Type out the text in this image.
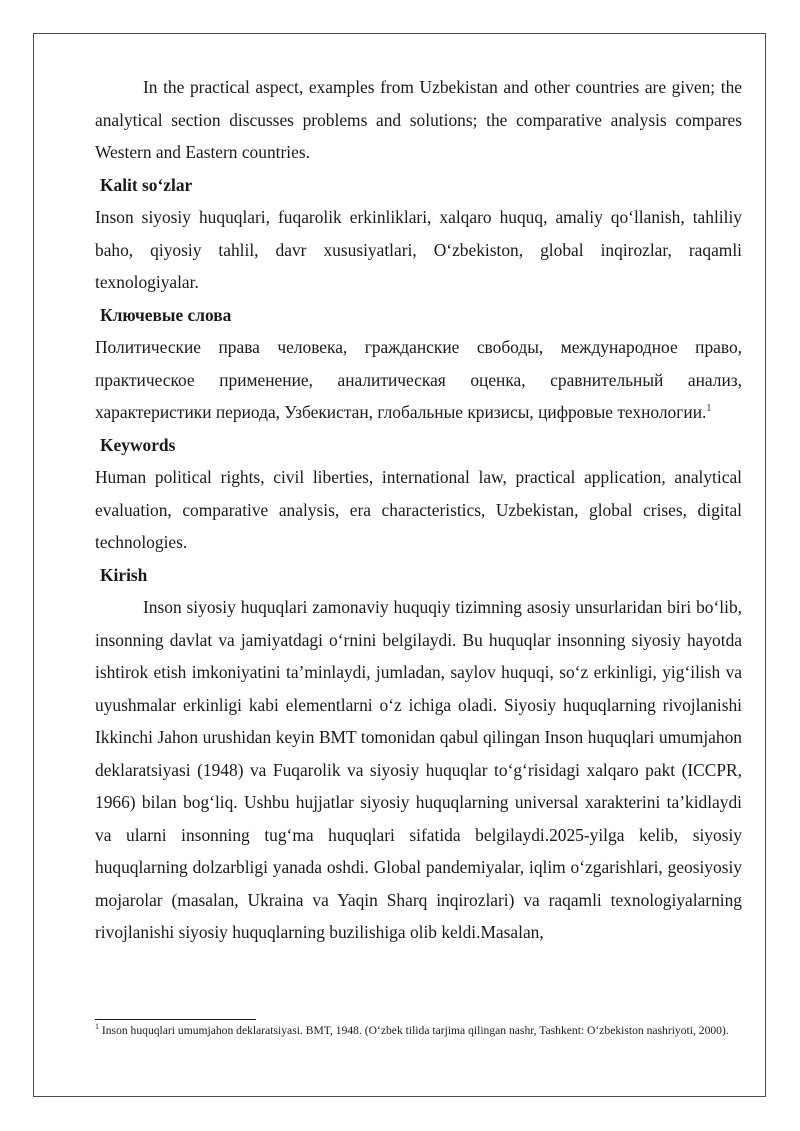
In the practical aspect, examples from Uzbekistan and other countries are given; the analytical section discusses problems and solutions; the comparative analysis compares Western and Eastern countries.

Kalit so‘zlar

Inson siyosiy huquqlari, fuqarolik erkinliklari, xalqaro huquq, amaliy qo‘llanish, tahliliy baho, qiyosiy tahlil, davr xususiyatlari, O‘zbekiston, global inqirozlar, raqamli texnologiyalar.

Ключевые слова

Политические права человека, гражданские свободы, международное право, практическое применение, аналитическая оценка, сравнительный анализ, характеристики периода, Узбекистан, глобальные кризисы, цифровые технологии.$^1$

Keywords

Human political rights, civil liberties, international law, practical application, analytical evaluation, comparative analysis, era characteristics, Uzbekistan, global crises, digital technologies.

Kirish

Inson siyosiy huquqlari zamonaviy huquqiy tizimning asosiy unsurlaridan biri bo‘lib, insonning davlat va jamiyatdagi o‘rnini belgilaydi. Bu huquqlar insonning siyosiy hayotda ishtirok etish imkoniyatini ta’minlaydi, jumladan, saylov huquqi, so‘z erkinligi, yig‘ilish va uyushmalar erkinligi kabi elementlarni o‘z ichiga oladi. Siyosiy huquqlarning rivojlanishi Ikkinchi Jahon urushidan keyin BMT tomonidan qabul qilingan Inson huquqlari umumjahon deklaratsiyasi (1948) va Fuqarolik va siyosiy huquqlar to‘g‘risidagi xalqaro pakt (ICCPR, 1966) bilan bog‘liq. Ushbu hujjatlar siyosiy huquqlarning universal xarakterini ta’kidlaydi va ularni insonning tug‘ma huquqlari sifatida belgilaydi.2025-yilga kelib, siyosiy huquqlarning dolzarbligi yanada oshdi. Global pandemiyalar, iqlim o‘zgarishlari, geosiyosiy mojarolar (masalan, Ukraina va Yaqin Sharq inqirozlari) va raqamli texnologiyalarning rivojlanishi siyosiy huquqlarning buzilishiga olib keldi.Masalan,

$^1$ Inson huquqlari umumjahon deklaratsiyasi. BMT, 1948. (O‘zbek tilida tarjima qilingan nashr, Tashkent: O‘zbekiston nashriyoti, 2000).
